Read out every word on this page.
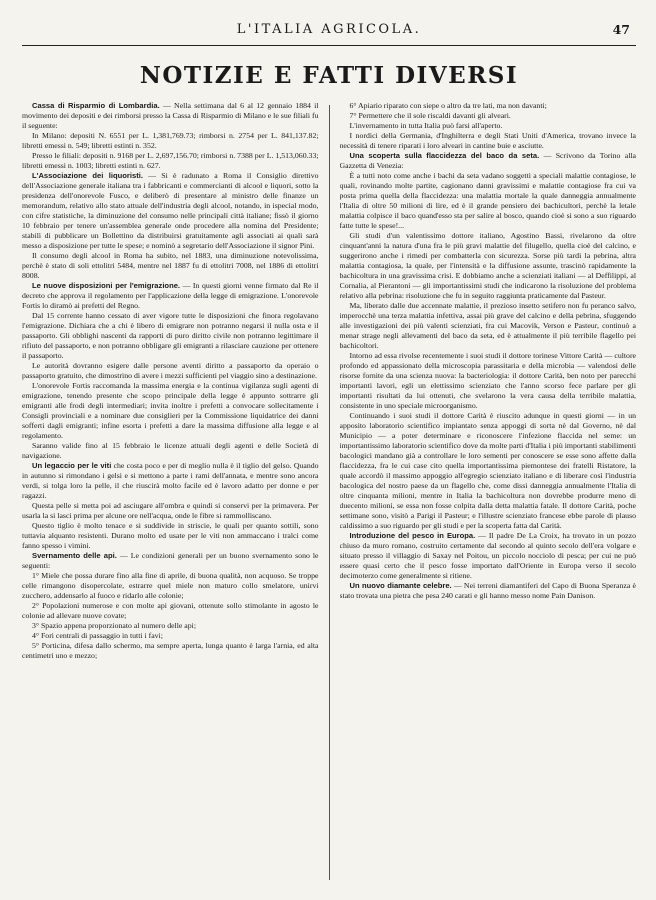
L'ITALIA AGRICOLA.	47
NOTIZIE E FATTI DIVERSI

Cassa di Risparmio di Lombardia. — Nella settimana dal 6 al 12 gennaio 1884 il movimento dei depositi e dei rimborsi presso la Cassa di Risparmio di Milano e le sue filiali fu il seguente:

In Milano: depositi N. 6551 per L. 1,381,769.73; rimborsi n. 2754 per L. 841,137.82; libretti emessi n. 549; libretti estinti n. 352.

Presso le filiali: depositi n. 9168 per L. 2,697,156.70; rimborsi n. 7388 per L. 1,513,060.33; libretti emessi n. 1003; libretti estinti n. 627.

L'Associazione dei liquoristi. — Si è radunato a Roma il Consiglio direttivo dell'Associazione generale italiana tra i fabbricanti e commercianti di alcool e liquori, sotto la presidenza dell'onorevole Fusco, e deliberò di presentare al ministro delle finanze un memorandum, relativo allo stato attuale dell'industria degli alcool, notando, in ispecial modo, con cifre statistiche, la diminuzione del consumo nelle principali città italiane; fissò il giorno 10 febbraio per tenere un'assemblea generale onde procedere alla nomina del Presidente; stabilì di pubblicare un Bollettino da distribuirsi gratuitamente agli associati ai quali sarà messo a disposizione per tutte le spese; e nominò a segretario dell'Associazione il signor Pini.

Il consumo degli alcool in Roma ha subito, nel 1883, una diminuzione notevolissima, perchè è stato di soli ettolitri 5484, mentre nel 1887 fu di ettolitri 7008, nel 1886 di ettolitri 8008.

Le nuove disposizioni per l'emigrazione. — In questi giorni venne firmato dal Re il decreto che approva il regolamento per l'applicazione della legge di emigrazione. L'onorevole Fortis lo diramò ai prefetti del Regno.

Dal 15 corrente hanno cessato di aver vigore tutte le disposizioni che finora regolavano l'emigrazione. Dichiara che a chi è libero di emigrare non potranno negarsi il nulla osta e il passaporto. Gli obblighi nascenti da rapporti di puro diritto civile non potranno legittimare il rifiuto del passaporto, e non potranno obbligare gli emigranti a rilasciare cauzione per ottenere il passaporto.

Le autorità dovranno esigere dalle persone aventi diritto a passaporto da operaio o passaporto gratuito, che dimostrino di avere i mezzi sufficienti pel viaggio sino a destinazione.

L'onorevole Fortis raccomanda la massima energia e la continua vigilanza sugli agenti di emigrazione, tenendo presente che scopo principale della legge è appunto sottrarre gli emigranti alle frodi degli intermediari; invita inoltre i prefetti a convocare sollecitamente i Consigli provinciali e a nominare due consiglieri per la Commissione liquidatrice dei danni sofferti dagli emigranti; infine esorta i prefetti a dare la massima diffusione alla legge e al regolamento.

Saranno valide fino al 15 febbraio le licenze attuali degli agenti e delle Società di navigazione.

Un legaccio per le viti che costa poco e per di meglio nulla è il tiglio del gelso. Quando in autunno si rimondano i gelsi e si mettono a parte i rami dell'annata, e mentre sono ancora verdi, si tolga loro la pelle, il che riuscirà molto facile ed è lavoro adatto per donne e per ragazzi.

Questa pelle si metta poi ad asciugare all'ombra e quindi si conservi per la primavera. Per usarla la si lasci prima per alcune ore nell'acqua, onde le fibre si rammolliscano.

Questo tiglio è molto tenace e si suddivide in striscie, le quali per quanto sottili, sono tuttavia alquanto resistenti. Durano molto ed usate per le viti non ammaccano i tralci come fanno spesso i vimini.

Svernamento delle api. — Le condizioni generali per un buono svernamento sono le seguenti:

1° Miele che possa durare fino alla fine di aprile, di buona qualità, non acquoso. Se troppe celle rimangono disopercolate, estrarre quel miele non maturo collo smelatore, unirvi zucchero, addensarlo al fuoco e ridarlo alle colonie;

2° Popolazioni numerose e con molte api giovani, ottenute sollo stimolante in agosto le colonie ad allevare nuove covate;

3° Spazio appena proporzionato al numero delle api;

4° Fori centrali di passaggio in tutti i favi;

5° Porticina, difesa dallo schermo, ma sempre aperta, lunga quanto è larga l'arnia, ed alta centimetri uno e mezzo;

6° Apiario riparato con siepe o altro da tre lati, ma non davanti;

7° Permettere che il sole riscaldi davanti gli alveari.

L'invernamento in tutta Italia può farsi all'aperto.

I nordici della Germania, d'Inghilterra e degli Stati Uniti d'America, trovano invece la necessità di tenere riparati i loro alveari in cantine buie e asciutte.

Una scoperta sulla flaccidezza del baco da seta. — Scrivono da Torino alla Gazzetta di Venezia:

È a tutti noto come anche i bachi da seta vadano soggetti a speciali malattie contagiose, le quali, rovinando molte partite, cagionano danni gravissimi e malattie contagiose fra cui va posta prima quella della flaccidezza: una malattia mortale la quale danneggia annualmente l'Italia di oltre 50 milioni di lire, ed è il grande pensiero dei bachicultori, perchè la letale malattia colpisce il baco quand'esso sta per salire al bosco, quando cioè si sono a suo riguardo fatte tutte le spese!...

Gli studi d'un valentissimo dottore italiano, Agostino Bassi, rivelarono da oltre cinquant'anni la natura d'una fra le più gravi malattie del filugello, quella cioè del calcino, e suggerirono anche i rimedi per combatterla con sicurezza. Sorse più tardi la pebrina, altra malattia contagiosa, la quale, per l'intensità e la diffusione assunte, trascinò rapidamente la bachicoltura in una gravissima crisi. E dobbiamo anche a scienziati italiani — al Deffilippi, al Cornalia, al Pierantoni — gli importantissimi studi che indicarono la risoluzione del problema relativo alla pebrina: risoluzione che fu in seguito raggiunta praticamente dal Pasteur.

Ma, liberato dalle due accennate malattie, il prezioso insetto setifero non fu peranco salvo, imperocchè una terza malattia infettiva, assai più grave del calcino e della pebrina, sfuggendo alle investigazioni dei più valenti scienziati, fra cui Macovik, Verson e Pasteur, continuò a menar strage negli allevamenti del baco da seta, ed è attualmente il più terribile flagello pei bachicoltori.

Intorno ad essa rivolse recentemente i suoi studi il dottore torinese Vittore Carità — cultore profondo ed appassionato della microscopia parassitaria e della microbia — valendosi delle risorse fornite da una scienza nuova: la bacteriologia: il dottore Carità, ben noto per parecchi importanti lavori, egli un elettissimo scienziato che l'anno scorso fece parlare per gli importanti risultati da lui ottenuti, che svelarono la vera causa della terribile malattia, consistente in uno speciale microorganismo.

Continuando i suoi studi il dottore Carità è riuscito adunque in questi giorni — in un apposito laboratorio scientifico impiantato senza appoggi di sorta nè dal Governo, nè dal Municipio — a poter determinare e riconoscere l'infezione flaccida nel seme: un importantissimo laboratorio scientifico dove da molte parti d'Italia i più importanti stabilimenti bacologici mandano già a controllare le loro sementi per conoscere se esse sono affette dalla flaccidezza, fra le cui case cito quella importantissima piemontese dei fratelli Ristatore, la quale accordò il massimo appoggio all'egregio scienziato italiano e di liberare così l'industria bacologica del nostro paese da un flagello che, come dissi danneggia annualmente l'Italia di oltre cinquanta milioni, mentre in Italia la bachicoltura non dovrebbe produrre meno di duecento milioni, se essa non fosse colpita dalla detta malattia fatale. Il dottore Carità, poche settimane sono, visitò a Parigi il Pasteur; e l'illustre scienziato francese ebbe parole di plauso caldissimo a suo riguardo per gli studi e per la scoperta fatta dal Carità.

Introduzione del pesco in Europa. — Il padre De La Croix, ha trovato in un pozzo chiuso da muro romano, costruito certamente dal secondo al quinto secolo dell'era volgare e situato presso il villaggio di Saxay nel Poitou, un piccolo nocciolo di pesca; per cui ne può essere quasi certo che il pesco fosse importato dall'Oriente in Europa verso il secolo decimoterzo come generalmente si ritiene.

Un nuovo diamante celebre. — Nei terreni diamantiferi del Capo di Buona Speranza è stato trovata una pietra che pesa 240 carati e gli hanno messo nome Pain Danison.
